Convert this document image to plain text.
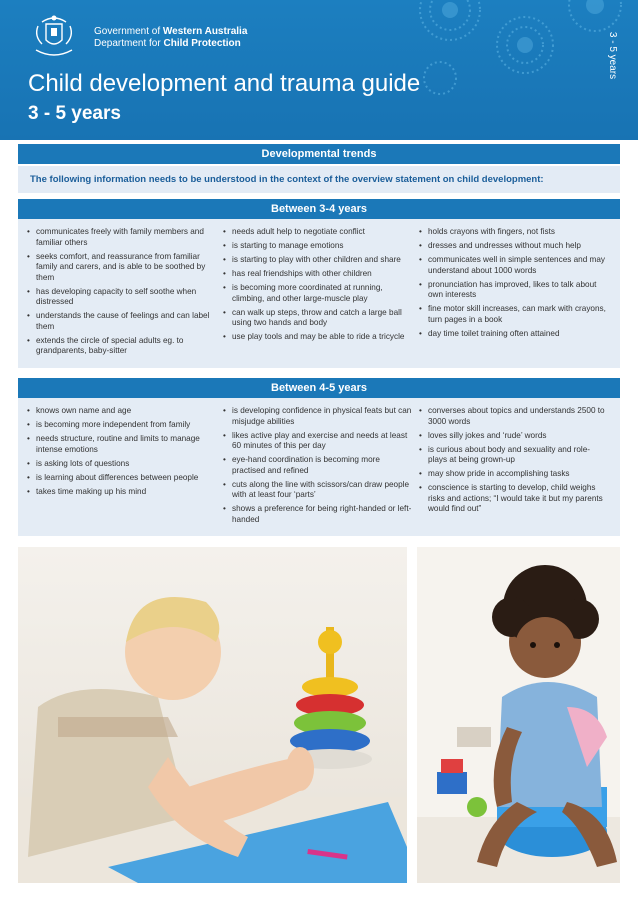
Government of Western Australia
Department for Child Protection
Child development and trauma guide
3 - 5 years
3 - 5 years
Developmental trends
The following information needs to be understood in the context of the overview statement on child development:
Between 3-4 years
• communicates freely with family members and familiar others
• seeks comfort, and reassurance from familiar family and carers, and is able to be soothed by them
• has developing capacity to self soothe when distressed
• understands the cause of feelings and can label them
• extends the circle of special adults eg. to grandparents, baby-sitter
• needs adult help to negotiate conflict
• is starting to manage emotions
• is starting to play with other children and share
• has real friendships with other children
• is becoming more coordinated at running, climbing, and other large-muscle play
• can walk up steps, throw and catch a large ball using two hands and body
• use play tools and may be able to ride a tricycle
• holds crayons with fingers, not fists
• dresses and undresses without much help
• communicates well in simple sentences and may understand about 1000 words
• pronunciation has improved, likes to talk about own interests
• fine motor skill increases, can mark with crayons, turn pages in a book
• day time toilet training often attained
Between 4-5 years
• knows own name and age
• is becoming more independent from family
• needs structure, routine and limits to manage intense emotions
• is asking lots of questions
• is learning about differences between people
• takes time making up his mind
• is developing confidence in physical feats but can misjudge abilities
• likes active play and exercise and needs at least 60 minutes of this per day
• eye-hand coordination is becoming more practised and refined
• cuts along the line with scissors/can draw people with at least four ‘parts’
• shows a preference for being right-handed or left-handed
• converses about topics and understands 2500 to 3000 words
• loves silly jokes and ‘rude’ words
• is curious about body and sexuality and role-plays at being grown-up
• may show pride in accomplishing tasks
• conscience is starting to develop, child weighs risks and actions; “I would take it but my parents would find out”
